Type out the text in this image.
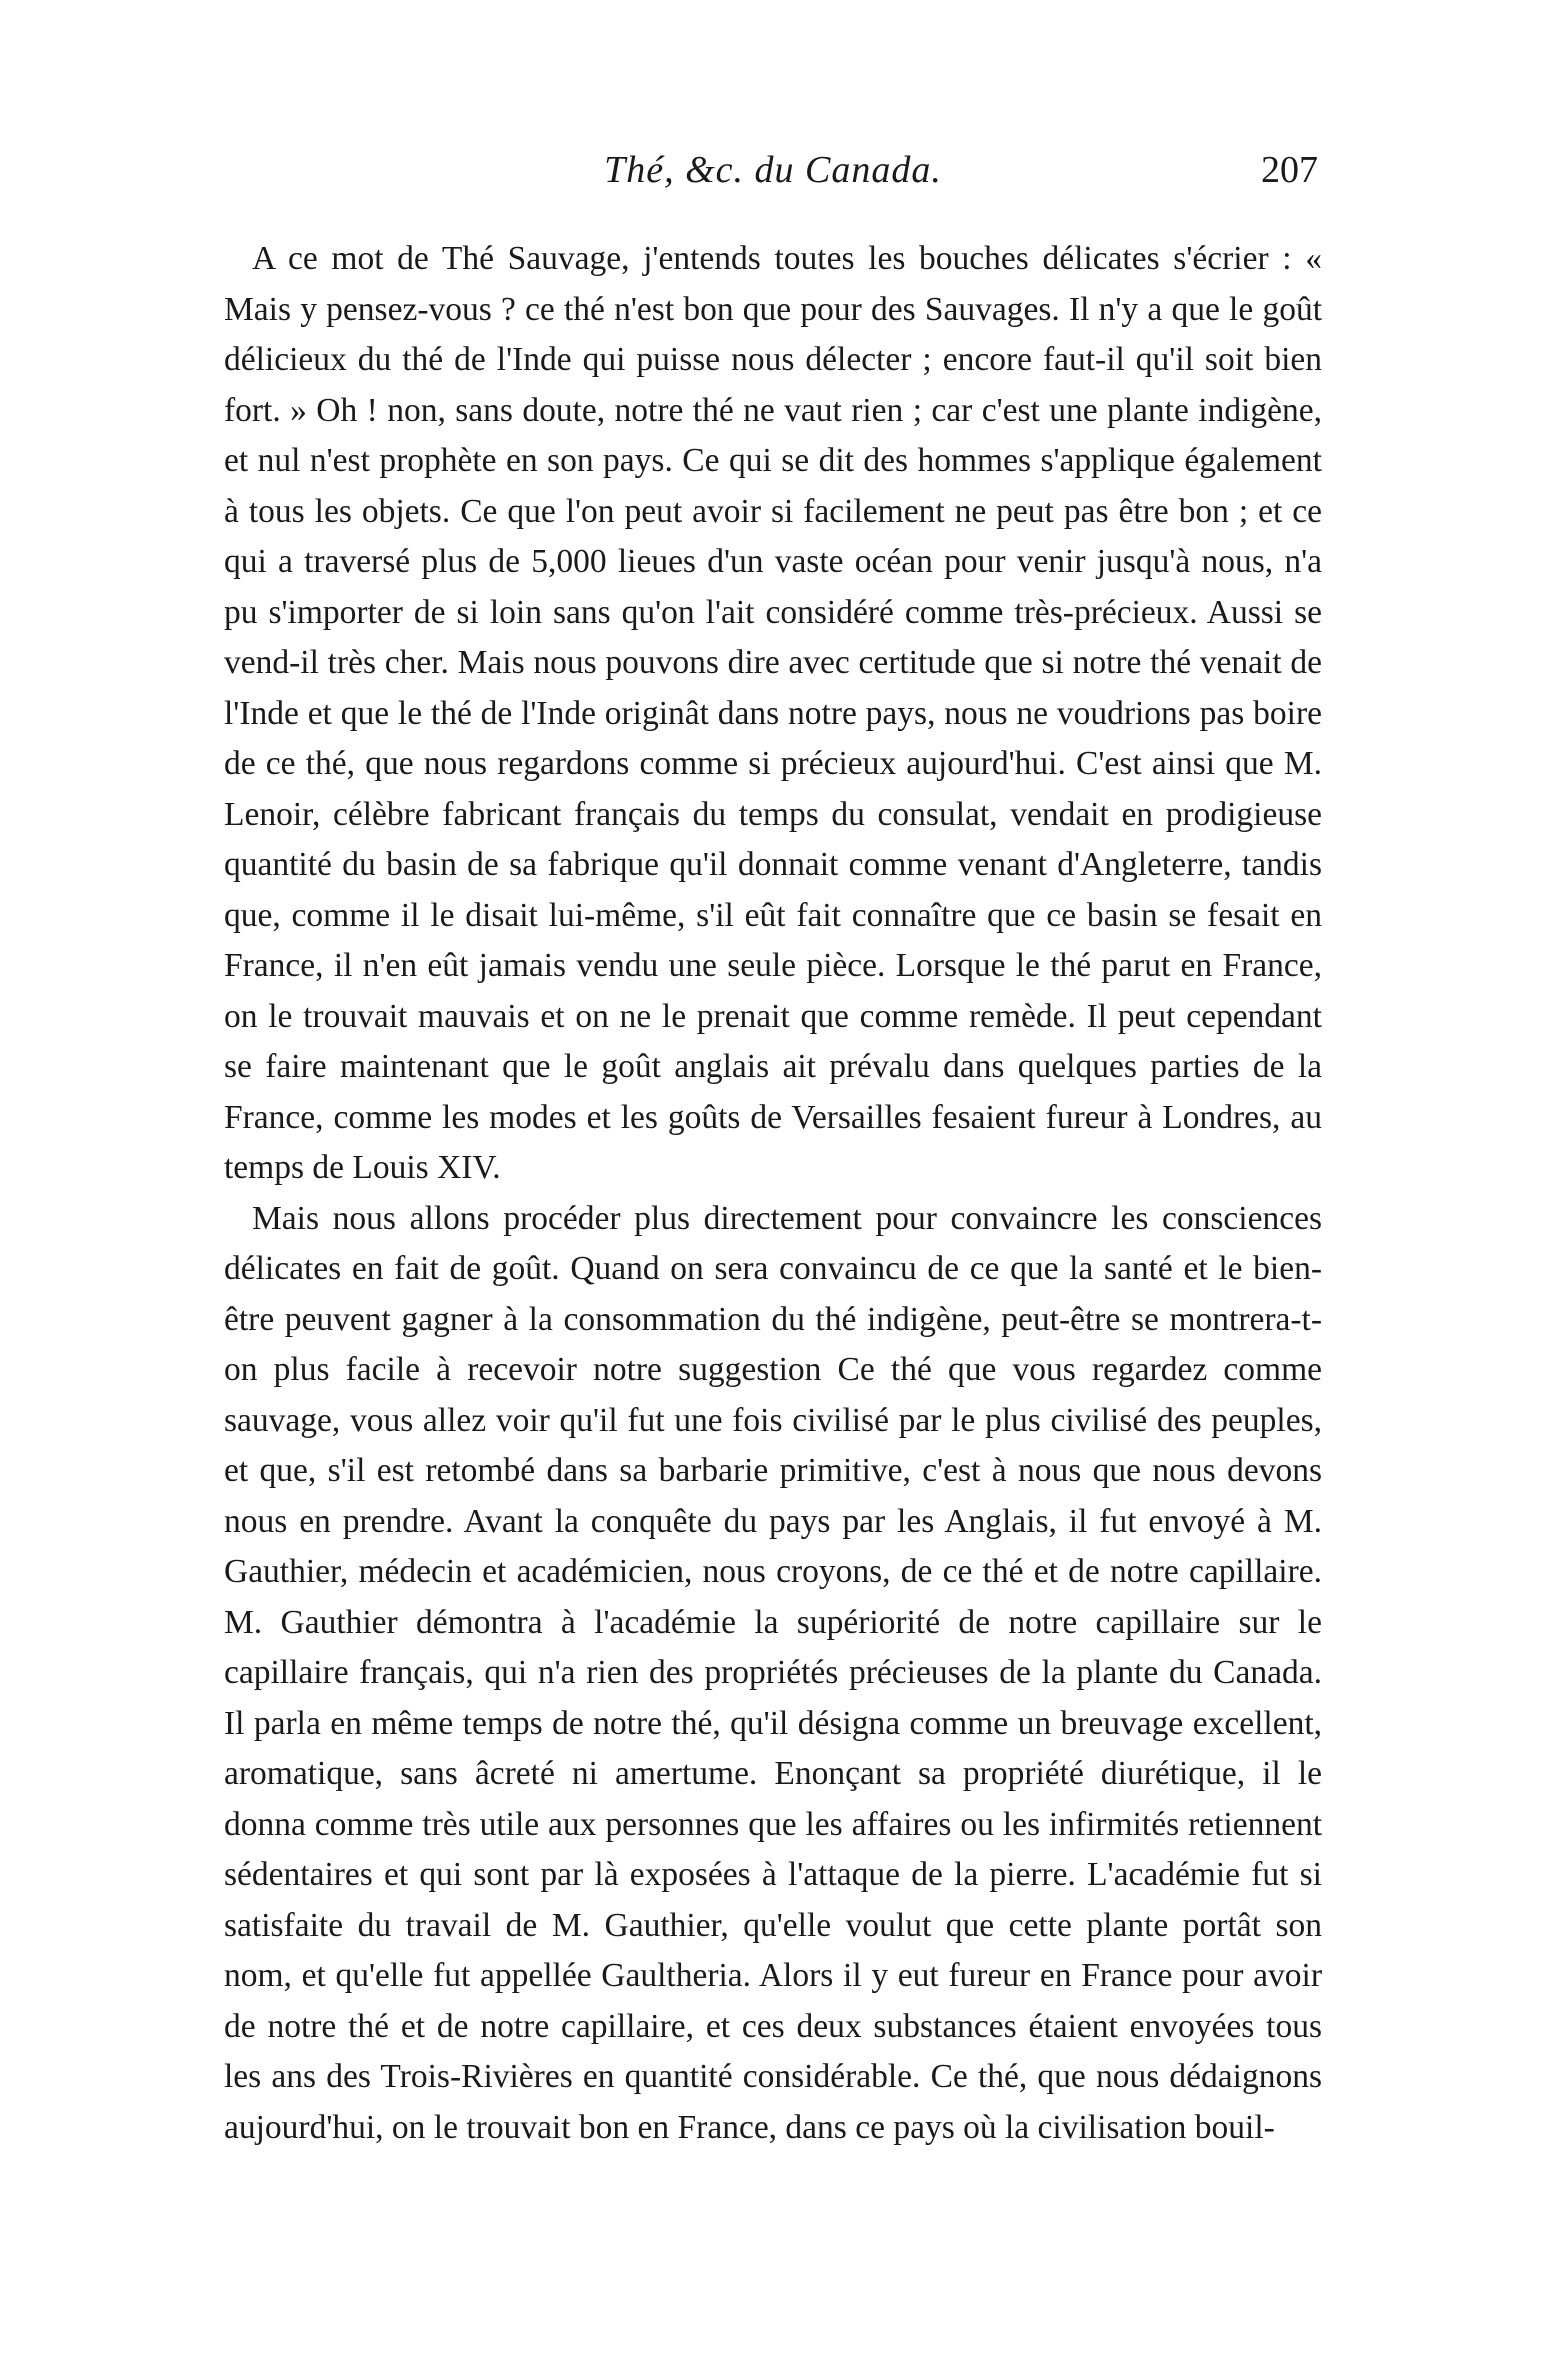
Thé, &c. du Canada.	207

A ce mot de Thé Sauvage, j'entends toutes les bouches délicates s'écrier : « Mais y pensez-vous ? ce thé n'est bon que pour des Sauvages. Il n'y a que le goût délicieux du thé de l'Inde qui puisse nous délecter ; encore faut-il qu'il soit bien fort. » Oh ! non, sans doute, notre thé ne vaut rien ; car c'est une plante indigène, et nul n'est prophète en son pays. Ce qui se dit des hommes s'applique également à tous les objets. Ce que l'on peut avoir si facilement ne peut pas être bon ; et ce qui a traversé plus de 5,000 lieues d'un vaste océan pour venir jusqu'à nous, n'a pu s'importer de si loin sans qu'on l'ait considéré comme très-précieux. Aussi se vend-il très cher. Mais nous pouvons dire avec certitude que si notre thé venait de l'Inde et que le thé de l'Inde originât dans notre pays, nous ne voudrions pas boire de ce thé, que nous regardons comme si précieux aujourd'hui. C'est ainsi que M. Lenoir, célèbre fabricant français du temps du consulat, vendait en prodigieuse quantité du basin de sa fabrique qu'il donnait comme venant d'Angleterre, tandis que, comme il le disait lui-même, s'il eût fait connaître que ce basin se fesait en France, il n'en eût jamais vendu une seule pièce. Lorsque le thé parut en France, on le trouvait mauvais et on ne le prenait que comme remède. Il peut cependant se faire maintenant que le goût anglais ait prévalu dans quelques parties de la France, comme les modes et les goûts de Versailles fesaient fureur à Londres, au temps de Louis XIV.

Mais nous allons procéder plus directement pour convaincre les consciences délicates en fait de goût. Quand on sera convaincu de ce que la santé et le bien-être peuvent gagner à la consommation du thé indigène, peut-être se montrera-t-on plus facile à recevoir notre suggestion Ce thé que vous regardez comme sauvage, vous allez voir qu'il fut une fois civilisé par le plus civilisé des peuples, et que, s'il est retombé dans sa barbarie primitive, c'est à nous que nous devons nous en prendre. Avant la conquête du pays par les Anglais, il fut envoyé à M. Gauthier, médecin et académicien, nous croyons, de ce thé et de notre capillaire. M. Gauthier démontra à l'académie la supériorité de notre capillaire sur le capillaire français, qui n'a rien des propriétés précieuses de la plante du Canada. Il parla en même temps de notre thé, qu'il désigna comme un breuvage excellent, aromatique, sans âcreté ni amertume. Enonçant sa propriété diurétique, il le donna comme très utile aux personnes que les affaires ou les infirmités retiennent sédentaires et qui sont par là exposées à l'attaque de la pierre. L'académie fut si satisfaite du travail de M. Gauthier, qu'elle voulut que cette plante portât son nom, et qu'elle fut appellée Gaultheria. Alors il y eut fureur en France pour avoir de notre thé et de notre capillaire, et ces deux substances étaient envoyées tous les ans des Trois-Rivières en quantité considérable. Ce thé, que nous dédaignons aujourd'hui, on le trouvait bon en France, dans ce pays où la civilisation bouil-
